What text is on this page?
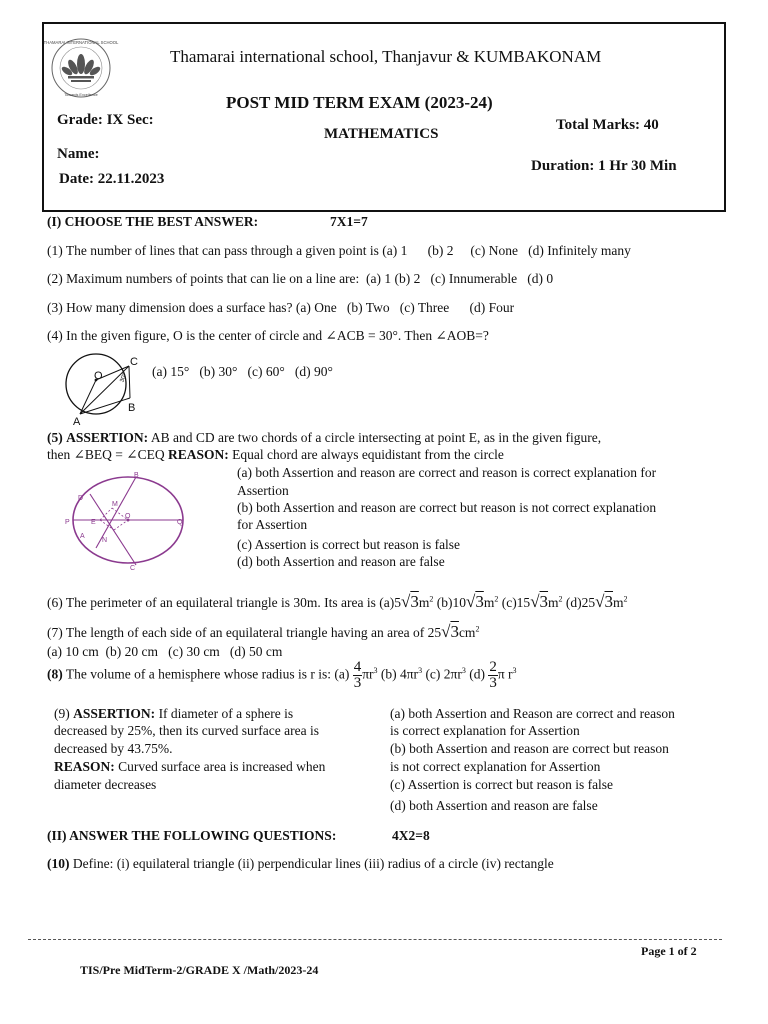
THAMARAI INTERNATIONAL SCHOOL
Towards Excellence
Thamarai international school, Thanjavur & KUMBAKONAM
POST MID TERM EXAM (2023-24)
MATHEMATICS
Grade: IX Sec:	Total Marks: 40
Name:
Date: 22.11.2023
Duration: 1 Hr 30 Min
(I) CHOOSE THE BEST ANSWER:	7X1=7
(1) The number of lines that can pass through a given point is (a) 1      (b) 2     (c) None   (d) Infinitely many
(2) Maximum numbers of points that can lie on a line are:  (a) 1 (b) 2   (c) Innumerable   (d) 0
(3) How many dimension does a surface has? (a) One   (b) Two   (c) Three      (d) Four
(4) In the given figure, O is the center of circle and ∠ACB = 30°. Then ∠AOB=?
O
C
B
A
30° (a) 15°   (b) 30°   (c) 60°   (d) 90°
(5) ASSERTION: AB and CD are two chords of a circle intersecting at point E, as in the given figure,
then ∠BEQ = ∠CEQ REASON: Equal chord are always equidistant from the circle
B
D
M
P	E
O
Q
A
N
C
(a) both Assertion and reason are correct and reason is correct explanation for
Assertion
(b) both Assertion and reason are correct but reason is not correct explanation
for Assertion
(c) Assertion is correct but reason is false
(d) both Assertion and reason are false
(6) The perimeter of an equilateral triangle is 30m. Its area is $(a)5√3m^2$ $(b)10√3m^2$ $(c)15√3m^2$ $(d)25√3m^2$
(7) The length of each side of an equilateral triangle having an area of $25√3cm^2$
(a) 10 cm  (b) 20 cm   (c) 30 cm   (d) 50 cm
(8) The volume of a hemisphere whose radius is r is: $(a) \frac{4}{3} \pi r^3$ (b) $4\pi r^3$ (c) $2\pi r^3$ $(d) \frac{2}{3}$ π $r^3$
(9) ASSERTION: If diameter of a sphere is
decreased by 25%, then its curved surface area is
decreased by 43.75%.
REASON: Curved surface area is increased when
diameter decreases
(a) both Assertion and Reason are correct and reason
is correct explanation for Assertion
(b) both Assertion and reason are correct but reason
is not correct explanation for Assertion
(c) Assertion is correct but reason is false
(d) both Assertion and reason are false
(II) ANSWER THE FOLLOWING QUESTIONS:	4X2=8
(10) Define: (i) equilateral triangle (ii) perpendicular lines (iii) radius of a circle (iv) rectangle
Page 1 of 2
TIS/Pre MidTerm-2/GRADE X /Math/2023-24
